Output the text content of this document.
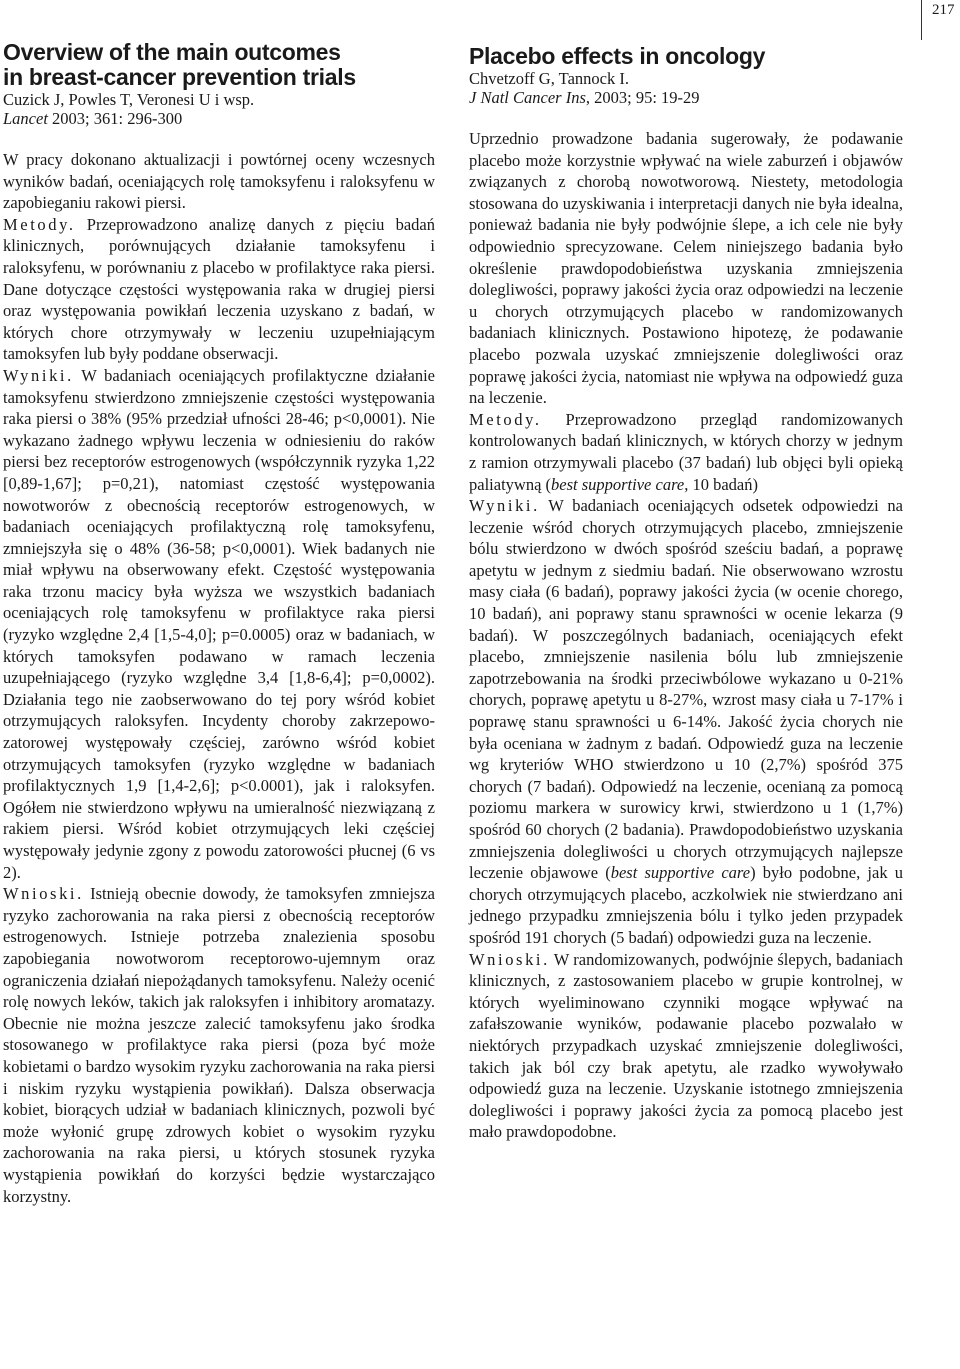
217
Overview of the main outcomes
in breast-cancer prevention trials
Cuzick J, Powles T, Veronesi U i wsp.
Lancet 2003; 361: 296-300

W pracy dokonano aktualizacji i powtórnej oceny wczesnych wyników badań, oceniających rolę tamoksyfenu i raloksyfenu w zapobieganiu rakowi piersi.

Metody. Przeprowadzono analizę danych z pięciu badań klinicznych, porównujących działanie tamoksyfenu i raloksyfenu, w porównaniu z placebo w profilaktyce raka piersi. Dane dotyczące częstości występowania raka w drugiej piersi oraz występowania powikłań leczenia uzyskano z badań, w których chore otrzymywały w leczeniu uzupełniającym tamoksyfen lub były poddane obserwacji.

Wyniki. W badaniach oceniających profilaktyczne działanie tamoksyfenu stwierdzono zmniejszenie częstości występowania raka piersi o 38% (95% przedział ufności 28-46; p<0,0001). Nie wykazano żadnego wpływu leczenia w odniesieniu do raków piersi bez receptorów estrogenowych (współczynnik ryzyka 1,22 [0,89-1,67]; p=0,21), natomiast częstość występowania nowotworów z obecnością receptorów estrogenowych, w badaniach oceniających profilaktyczną rolę tamoksyfenu, zmniejszyła się o 48% (36-58; p<0,0001). Wiek badanych nie miał wpływu na obserwowany efekt. Częstość występowania raka trzonu macicy była wyższa we wszystkich badaniach oceniających rolę tamoksyfenu w profilaktyce raka piersi (ryzyko względne 2,4 [1,5-4,0]; p=0.0005) oraz w badaniach, w których tamoksyfen podawano w ramach leczenia uzupełniającego (ryzyko względne 3,4 [1,8-6,4]; p=0,0002). Działania tego nie zaobserwowano do tej pory wśród kobiet otrzymujących raloksyfen. Incydenty choroby zakrzepowo-zatorowej występowały częściej, zarówno wśród kobiet otrzymujących tamoksyfen (ryzyko względne w badaniach profilaktycznych 1,9 [1,4-2,6]; p<0.0001), jak i raloksyfen. Ogółem nie stwierdzono wpływu na umieralność niezwiązaną z rakiem piersi. Wśród kobiet otrzymujących leki częściej występowały jedynie zgony z powodu zatorowości płucnej (6 vs 2).

Wnioski. Istnieją obecnie dowody, że tamoksyfen zmniejsza ryzyko zachorowania na raka piersi z obecnością receptorów estrogenowych. Istnieje potrzeba znalezienia sposobu zapobiegania nowotworom receptorowo-ujemnym oraz ograniczenia działań niepożądanych tamoksyfenu. Należy ocenić rolę nowych leków, takich jak raloksyfen i inhibitory aromatazy. Obecnie nie można jeszcze zalecić tamoksyfenu jako środka stosowanego w profilaktyce raka piersi (poza być może kobietami o bardzo wysokim ryzyku zachorowania na raka piersi i niskim ryzyku wystąpienia powikłań). Dalsza obserwacja kobiet, biorących udział w badaniach klinicznych, pozwoli być może wyłonić grupę zdrowych kobiet o wysokim ryzyku zachorowania na raka piersi, u których stosunek ryzyka wystąpienia powikłań do korzyści będzie wystarczająco korzystny.

Placebo effects in oncology
Chvetzoff G, Tannock I.
J Natl Cancer Ins, 2003; 95: 19-29

Uprzednio prowadzone badania sugerowały, że podawanie placebo może korzystnie wpływać na wiele zaburzeń i objawów związanych z chorobą nowotworową. Niestety, metodologia stosowana do uzyskiwania i interpretacji danych nie była idealna, ponieważ badania nie były podwójnie ślepe, a ich cele nie były odpowiednio sprecyzowane. Celem niniejszego badania było określenie prawdopodobieństwa uzyskania zmniejszenia dolegliwości, poprawy jakości życia oraz odpowiedzi na leczenie u chorych otrzymujących placebo w randomizowanych badaniach klinicznych. Postawiono hipotezę, że podawanie placebo pozwala uzyskać zmniejszenie dolegliwości oraz poprawę jakości życia, natomiast nie wpływa na odpowiedź guza na leczenie.

Metody. Przeprowadzono przegląd randomizowanych kontrolowanych badań klinicznych, w których chorzy w jednym z ramion otrzymywali placebo (37 badań) lub objęci byli opieką paliatywną (best supportive care, 10 badań)

Wyniki. W badaniach oceniających odsetek odpowiedzi na leczenie wśród chorych otrzymujących placebo, zmniejszenie bólu stwierdzono w dwóch spośród sześciu badań, a poprawę apetytu w jednym z siedmiu badań. Nie obserwowano wzrostu masy ciała (6 badań), poprawy jakości życia (w ocenie chorego, 10 badań), ani poprawy stanu sprawności w ocenie lekarza (9 badań). W poszczególnych badaniach, oceniających efekt placebo, zmniejszenie nasilenia bólu lub zmniejszenie zapotrzebowania na środki przeciwbólowe wykazano u 0-21% chorych, poprawę apetytu u 8-27%, wzrost masy ciała u 7-17% i poprawę stanu sprawności u 6-14%. Jakość życia chorych nie była oceniana w żadnym z badań. Odpowiedź guza na leczenie wg kryteriów WHO stwierdzono u 10 (2,7%) spośród 375 chorych (7 badań). Odpowiedź na leczenie, ocenianą za pomocą poziomu markera w surowicy krwi, stwierdzono u 1 (1,7%) spośród 60 chorych (2 badania). Prawdopodobieństwo uzyskania zmniejszenia dolegliwości u chorych otrzymujących najlepsze leczenie objawowe (best supportive care) było podobne, jak u chorych otrzymujących placebo, aczkolwiek nie stwierdzano ani jednego przypadku zmniejszenia bólu i tylko jeden przypadek spośród 191 chorych (5 badań) odpowiedzi guza na leczenie.

Wnioski. W randomizowanych, podwójnie ślepych, badaniach klinicznych, z zastosowaniem placebo w grupie kontrolnej, w których wyeliminowano czynniki mogące wpływać na zafałszowanie wyników, podawanie placebo pozwalało w niektórych przypadkach uzyskać zmniejszenie dolegliwości, takich jak ból czy brak apetytu, ale rzadko wywoływało odpowiedź guza na leczenie. Uzyskanie istotnego zmniejszenia dolegliwości i poprawy jakości życia za pomocą placebo jest mało prawdopodobne.
